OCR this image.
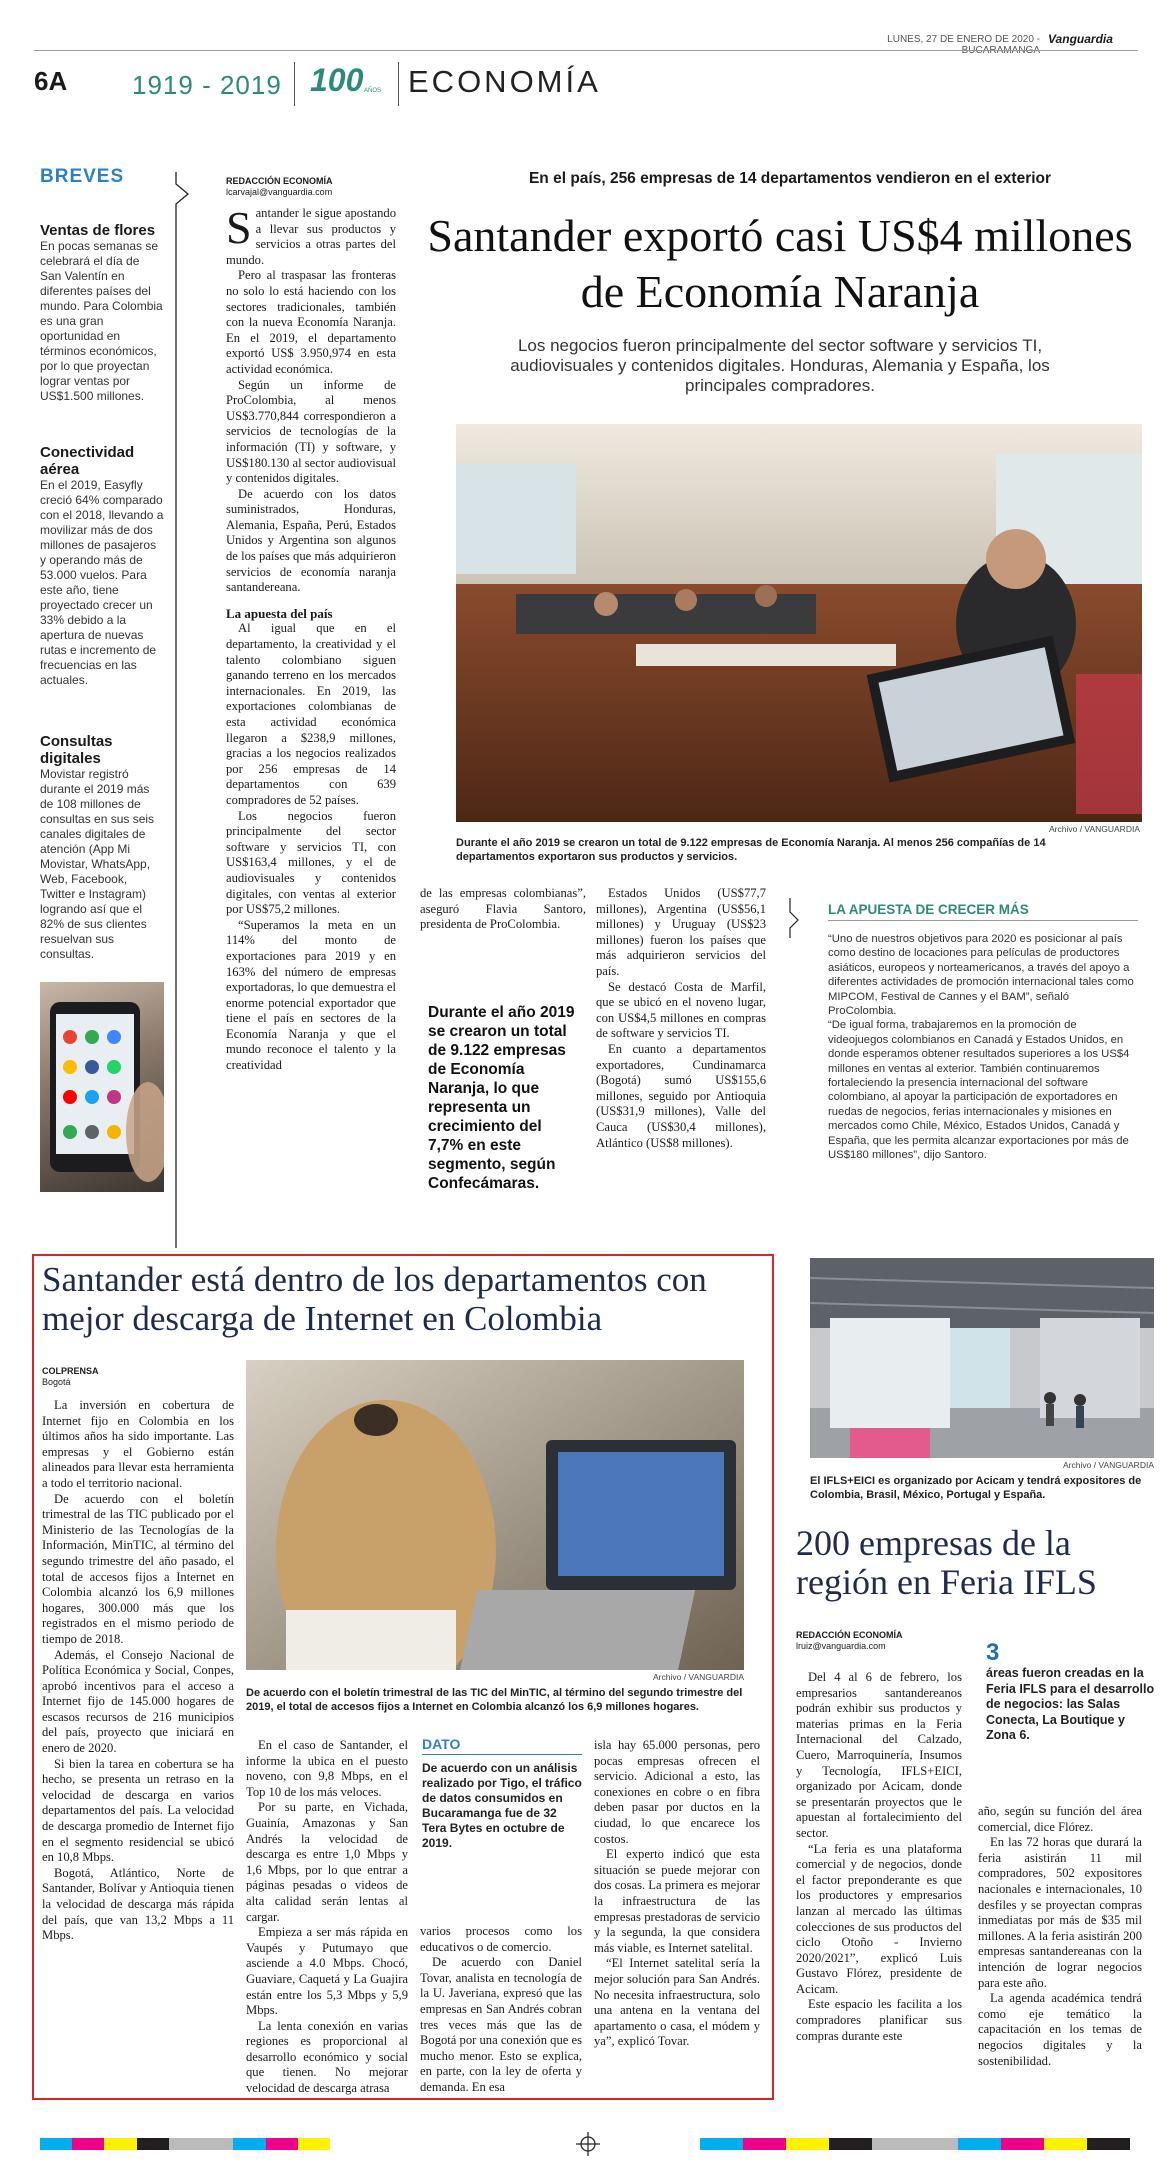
LUNES, 27 DE ENERO DE 2020 - Vanguardia
6A 1919 - 2019 100 AÑOS ECONOMÍA
BREVES
Ventas de flores
En pocas semanas se celebrará el día de San Valentín en diferentes países del mundo. Para Colombia es una gran oportunidad en términos económicos, por lo que proyectan lograr ventas por US$1.500 millones.
Conectividad aérea
En el 2019, Easyfly creció 64% comparado con el 2018, llevando a movilizar más de dos millones de pasajeros y operando más de 53.000 vuelos. Para este año, tiene proyectado crecer un 33% debido a la apertura de nuevas rutas e incremento de frecuencias en las actuales.
Consultas digitales
Movistar registró durante el 2019 más de 108 millones de consultas en sus seis canales digitales de atención (App Mi Movistar, WhatsApp, Web, Facebook, Twitter e Instagram) logrando así que el 82% de sus clientes resuelvan sus consultas.
REDACCIÓN ECONOMÍA
lcarvajal@vanguardia.com
En el país, 256 empresas de 14 departamentos vendieron en el exterior
Santander exportó casi US$4 millones de Economía Naranja
Los negocios fueron principalmente del sector software y servicios TI, audiovisuales y contenidos digitales. Honduras, Alemania y España, los principales compradores.
Archivo / VANGUARDIA
Durante el año 2019 se crearon un total de 9.122 empresas de Economía Naranja. Al menos 256 compañías de 14 departamentos exportaron sus productos y servicios.

Santander le sigue apostando a llevar sus productos y servicios a otras partes del mundo.

Pero al traspasar las fronteras no solo lo está haciendo con los sectores tradicionales, también con la nueva Economía Naranja. En el 2019, el departamento exportó US$ 3.950,974 en esta actividad económica.

Según un informe de ProColombia, al menos US$3.770,844 correspondieron a servicios de tecnologías de la información (TI) y software, y US$180.130 al sector audiovisual y contenidos digitales.

De acuerdo con los datos suministrados, Honduras, Alemania, España, Perú, Estados Unidos y Argentina son algunos de los países que más adquirieron servicios de economía naranja santandereana.

La apuesta del país

Al igual que en el departamento, la creatividad y el talento colombiano siguen ganando terreno en los mercados internacionales. En 2019, las exportaciones colombianas de esta actividad económica llegaron a $238,9 millones, gracias a los negocios realizados por 256 empresas de 14 departamentos con 639 compradores de 52 países.

Los negocios fueron principalmente del sector software y servicios TI, con US$163,4 millones, y el de audiovisuales y contenidos digitales, con ventas al exterior por US$75,2 millones.

“Superamos la meta en un 114% del monto de exportaciones para 2019 y en 163% del número de empresas exportadoras, lo que demuestra el enorme potencial exportador que tiene el país en sectores de la Economía Naranja y que el mundo reconoce el talento y la creatividad

de las empresas colombianas”, aseguró Flavia Santoro, presidenta de ProColombia.

Durante el año 2019 se crearon un total de 9.122 empresas de Economía Naranja, lo que representa un crecimiento del 7,7% en este segmento, según Confecámaras.

Estados Unidos (US$77,7 millones), Argentina (US$56,1 millones) y Uruguay (US$23 millones) fueron los países que más adquirieron servicios del país.

Se destacó Costa de Marfil, que se ubicó en el noveno lugar, con US$4,5 millones en compras de software y servicios TI.

En cuanto a departamentos exportadores, Cundinamarca (Bogotá) sumó US$155,6 millones, seguido por Antioquia (US$31,9 millones), Valle del Cauca (US$30,4 millones), Atlántico (US$8 millones).

LA APUESTA DE CRECER MÁS

“Uno de nuestros objetivos para 2020 es posicionar al país como destino de locaciones para películas de productores asiáticos, europeos y norteamericanos, a través del apoyo a diferentes actividades de promoción internacional tales como MIPCOM, Festival de Cannes y el BAM”, señaló ProColombia.

“De igual forma, trabajaremos en la promoción de videojuegos colombianos en Canadá y Estados Unidos, en donde esperamos obtener resultados superiores a los US$4 millones en ventas al exterior. También continuaremos fortaleciendo la presencia internacional del software colombiano, al apoyar la participación de exportadores en ruedas de negocios, ferias internacionales y misiones en mercados como Chile, México, Estados Unidos, Canadá y España, que les permita alcanzar exportaciones por más de US$180 millones”, dijo Santoro.

Santander está dentro de los departamentos con mejor descarga de Internet en Colombia
COLPRENSA
Bogotá
Archivo / VANGUARDIA
De acuerdo con el boletín trimestral de las TIC del MinTIC, al término del segundo trimestre del 2019, el total de accesos fijos a Internet en Colombia alcanzó los 6,9 millones hogares.

La inversión en cobertura de Internet fijo en Colombia en los últimos años ha sido importante. Las empresas y el Gobierno están alineados para llevar esta herramienta a todo el territorio nacional.

De acuerdo con el boletín trimestral de las TIC publicado por el Ministerio de las Tecnologías de la Información, MinTIC, al término del segundo trimestre del año pasado, el total de accesos fijos a Internet en Colombia alcanzó los 6,9 millones hogares, 300.000 más que los registrados en el mismo periodo de tiempo de 2018.

Además, el Consejo Nacional de Política Económica y Social, Conpes, aprobó incentivos para el acceso a Internet fijo de 145.000 hogares de escasos recursos de 216 municipios del país, proyecto que iniciará en enero de 2020.

Si bien la tarea en cobertura se ha hecho, se presenta un retraso en la velocidad de descarga en varios departamentos del país. La velocidad de descarga promedio de Internet fijo en el segmento residencial se ubicó en 10,8 Mbps.

Bogotá, Atlántico, Norte de Santander, Bolívar y Antioquia tienen la velocidad de descarga más rápida del país, que van 13,2 Mbps a 11 Mbps.

En el caso de Santander, el informe la ubica en el puesto noveno, con 9,8 Mbps, en el Top 10 de los más veloces.

Por su parte, en Vichada, Guainía, Amazonas y San Andrés la velocidad de descarga es entre 1,0 Mbps y 1,6 Mbps, por lo que entrar a páginas pesadas o videos de alta calidad serán lentas al cargar.

Empieza a ser más rápida en Vaupés y Putumayo que asciende a 4.0 Mbps. Chocó, Guaviare, Caquetá y La Guajira están entre los 5,3 Mbps y 5,9 Mbps.

La lenta conexión en varias regiones es proporcional al desarrollo económico y social que tienen. No mejorar velocidad de descarga atrasa

DATO
De acuerdo con un análisis realizado por Tigo, el tráfico de datos consumidos en Bucaramanga fue de 32 Tera Bytes en octubre de 2019.

varios procesos como los educativos o de comercio.

De acuerdo con Daniel Tovar, analista en tecnología de la U. Javeriana, expresó que las empresas en San Andrés cobran tres veces más que las de Bogotá por una conexión que es mucho menor. Esto se explica, en parte, con la ley de oferta y demanda. En esa

isla hay 65.000 personas, pero pocas empresas ofrecen el servicio. Adicional a esto, las conexiones en cobre o en fibra deben pasar por ductos en la ciudad, lo que encarece los costos.

El experto indicó que esta situación se puede mejorar con dos cosas. La primera es mejorar la infraestructura de las empresas prestadoras de servicio y la segunda, la que considera más viable, es Internet satelital.

“El Internet satelital sería la mejor solución para San Andrés. No necesita infraestructura, solo una antena en la ventana del apartamento o casa, el módem y ya”, explicó Tovar.

Archivo / VANGUARDIA
El IFLS+EICI es organizado por Acicam y tendrá expositores de Colombia, Brasil, México, Portugal y España.
200 empresas de la región en Feria IFLS
REDACCIÓN ECONOMÍA
lruiz@vanguardia.com	3
áreas fueron creadas en la Feria IFLS para el desarrollo de negocios: las Salas Conecta, La Boutique y Zona 6.

Del 4 al 6 de febrero, los empresarios santandereanos podrán exhibir sus productos y materias primas en la Feria Internacional del Calzado, Cuero, Marroquinería, Insumos y Tecnología, IFLS+EICI, organizado por Acicam, donde se presentarán proyectos que le apuestan al fortalecimiento del sector.

“La feria es una plataforma comercial y de negocios, donde el factor preponderante es que los productores y empresarios lanzan al mercado las últimas colecciones de sus productos del ciclo Otoño - Invierno 2020/2021”, explicó Luis Gustavo Flórez, presidente de Acicam.

Este espacio les facilita a los compradores planificar sus compras durante este

año, según su función del área comercial, dice Flórez.

En las 72 horas que durará la feria asistirán 11 mil compradores, 502 expositores nacionales e internacionales, 10 desfiles y se proyectan compras inmediatas por más de $35 mil millones. A la feria asistirán 200 empresas santandereanas con la intención de lograr negocios para este año.

La agenda académica tendrá como eje temático la capacitación en los temas de negocios digitales y la sostenibilidad.
